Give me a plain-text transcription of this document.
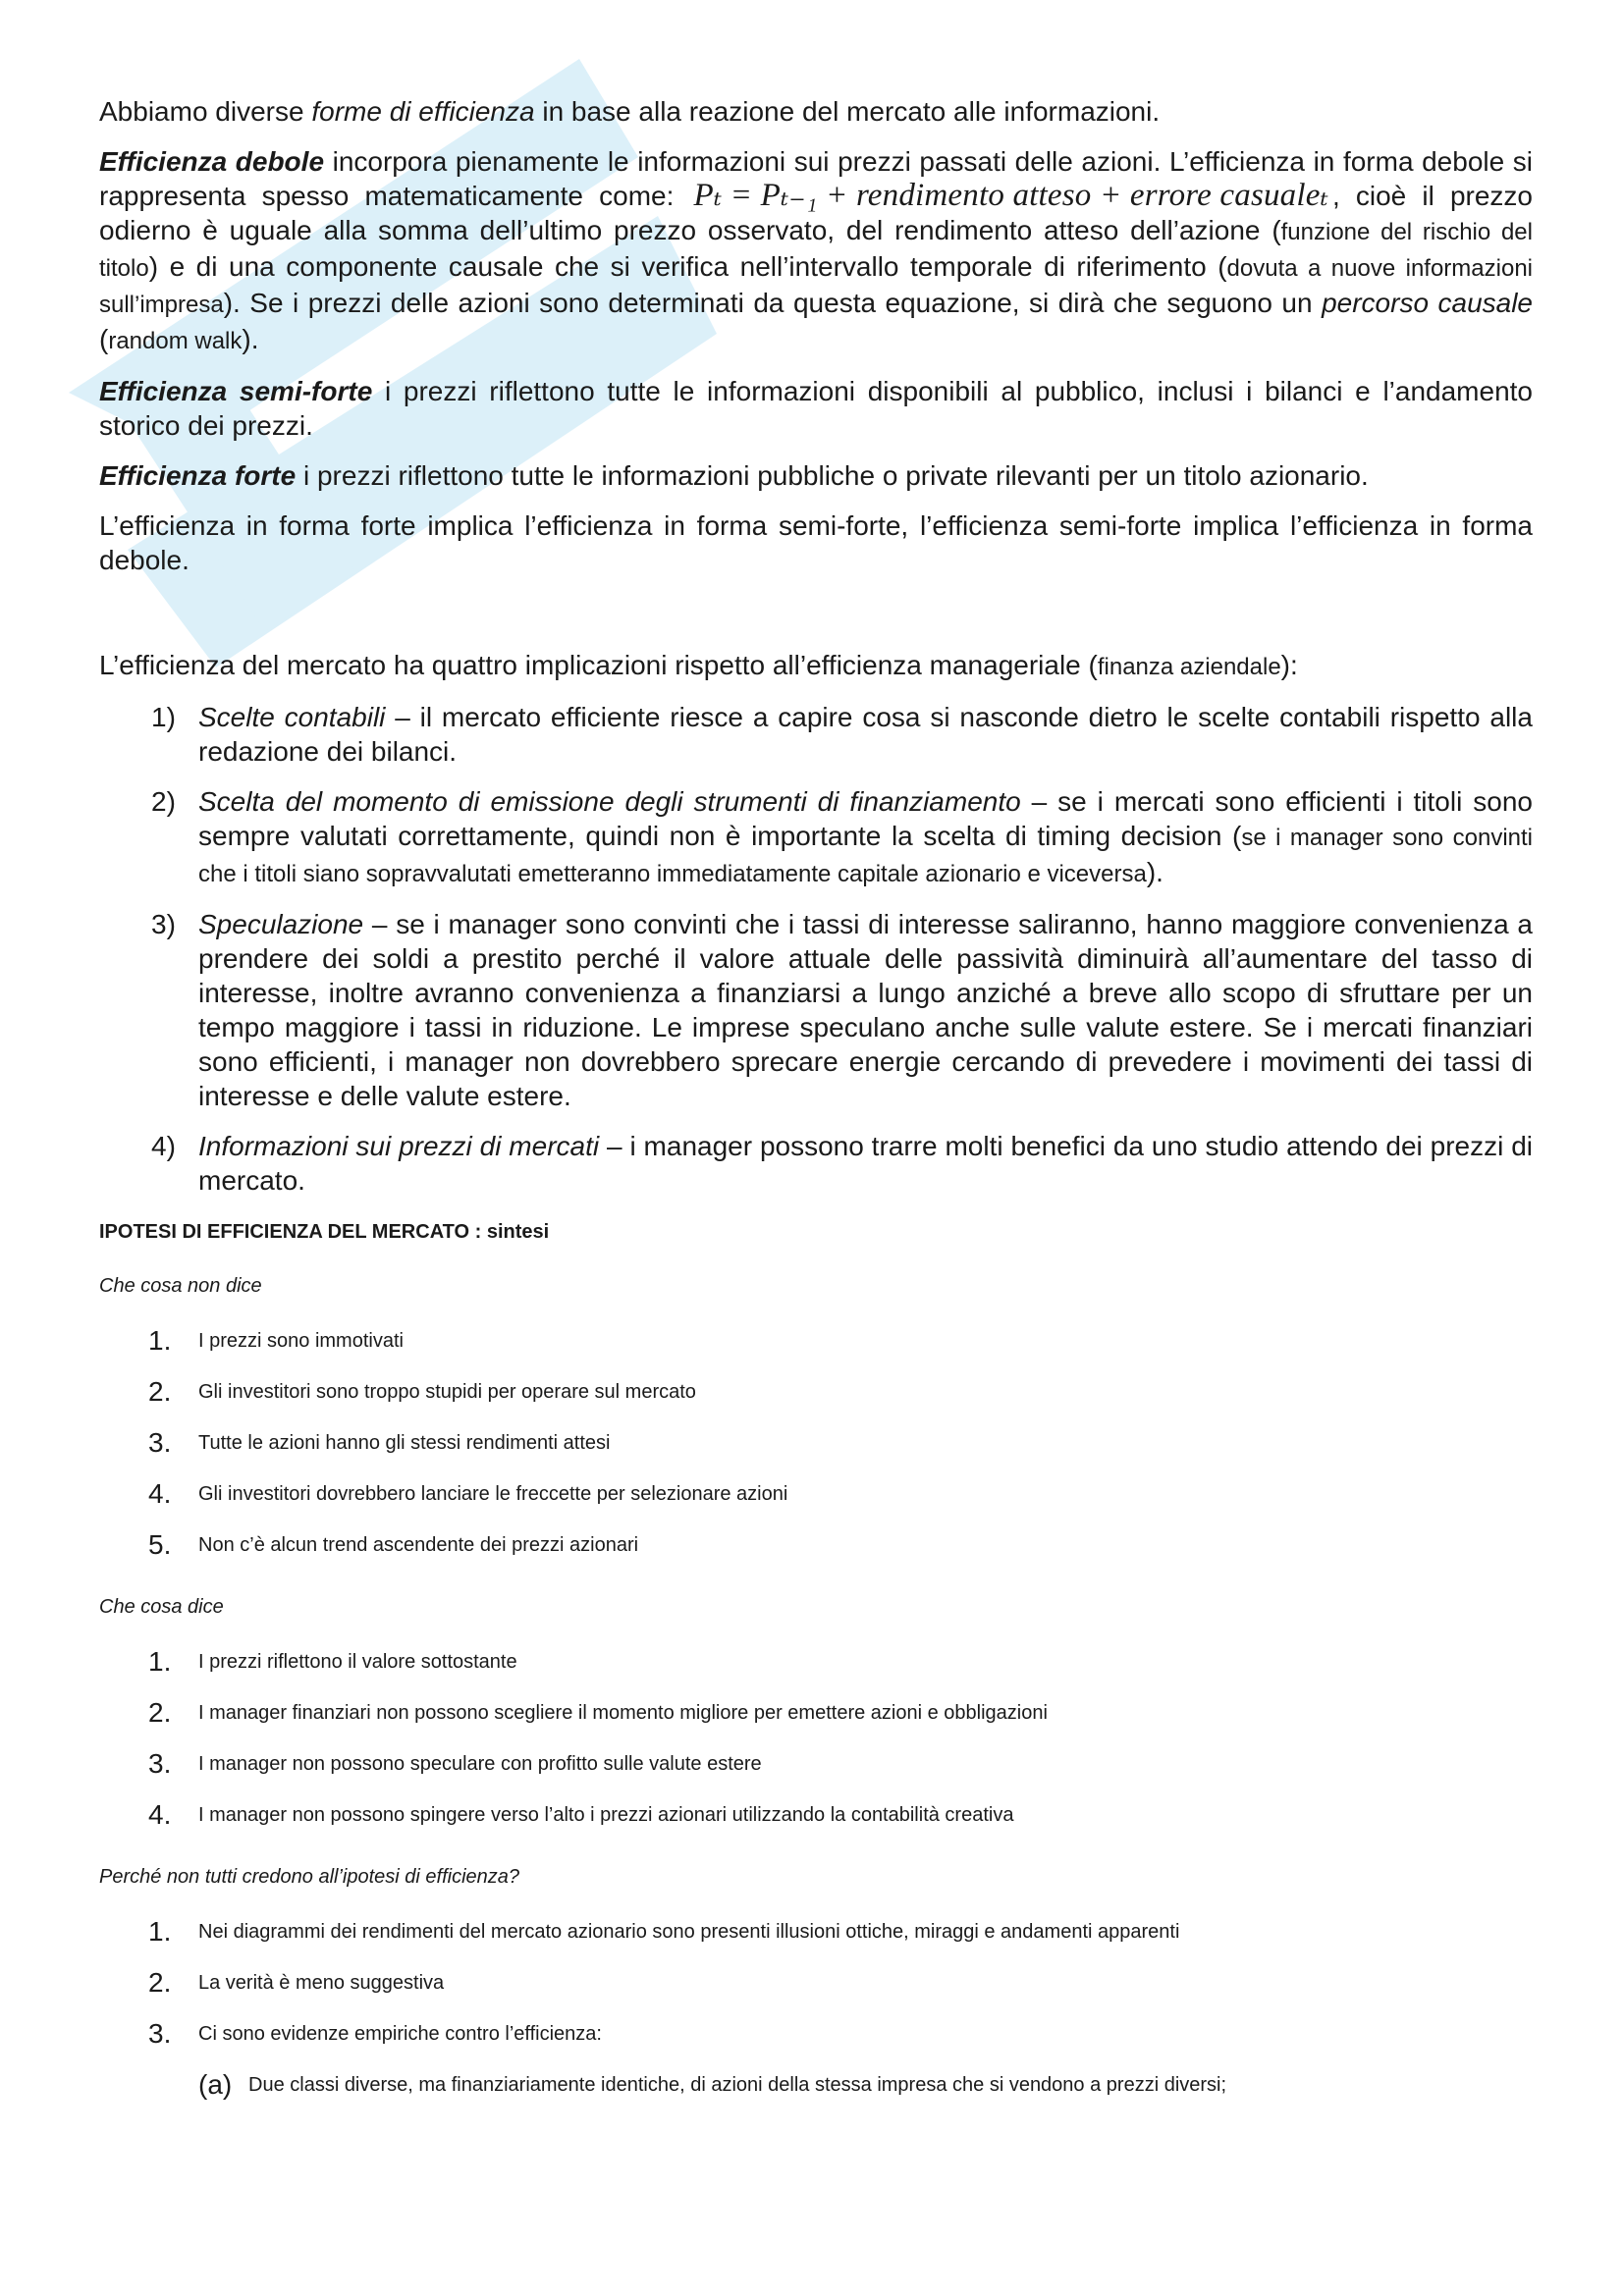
Abbiamo diverse forme di efficienza in base alla reazione del mercato alle informazioni.

Efficienza debole incorpora pienamente le informazioni sui prezzi passati delle azioni. L’efficienza in forma debole si rappresenta spesso matematicamente come: Pₜ = Pₜ₋₁ + rendimento atteso + errore casualeₜ , cioè il prezzo odierno è uguale alla somma dell’ultimo prezzo osservato, del rendimento atteso dell’azione (funzione del rischio del titolo) e di una componente causale che si verifica nell’intervallo temporale di riferimento (dovuta a nuove informazioni sull’impresa). Se i prezzi delle azioni sono determinati da questa equazione, si dirà che seguono un percorso causale (random walk).

Efficienza semi-forte i prezzi riflettono tutte le informazioni disponibili al pubblico, inclusi i bilanci e l’andamento storico dei prezzi.

Efficienza forte i prezzi riflettono tutte le informazioni pubbliche o private rilevanti per un titolo azionario.

L’efficienza in forma forte implica l’efficienza in forma semi-forte, l’efficienza semi-forte implica l’efficienza in forma debole.

L’efficienza del mercato ha quattro implicazioni rispetto all’efficienza manageriale (finanza aziendale):

1) Scelte contabili – il mercato efficiente riesce a capire cosa si nasconde dietro le scelte contabili rispetto alla redazione dei bilanci.
2) Scelta del momento di emissione degli strumenti di finanziamento – se i mercati sono efficienti i titoli sono sempre valutati correttamente, quindi non è importante la scelta di timing decision (se i manager sono convinti che i titoli siano sopravvalutati emetteranno immediatamente capitale azionario e viceversa).
3) Speculazione – se i manager sono convinti che i tassi di interesse saliranno, hanno maggiore convenienza a prendere dei soldi a prestito perché il valore attuale delle passività diminuirà all’aumentare del tasso di interesse, inoltre avranno convenienza a finanziarsi a lungo anziché a breve allo scopo di sfruttare per un tempo maggiore i tassi in riduzione. Le imprese speculano anche sulle valute estere. Se i mercati finanziari sono efficienti, i manager non dovrebbero sprecare energie cercando di prevedere i movimenti dei tassi di interesse e delle valute estere.
4) Informazioni sui prezzi di mercati – i manager possono trarre molti benefici da uno studio attendo dei prezzi di mercato.

IPOTESI DI EFFICIENZA DEL MERCATO : sintesi

Che cosa non dice

1. I prezzi sono immotivati
2. Gli investitori sono troppo stupidi per operare sul mercato
3. Tutte le azioni hanno gli stessi rendimenti attesi
4. Gli investitori dovrebbero lanciare le freccette per selezionare azioni
5. Non c’è alcun trend ascendente dei prezzi azionari

Che cosa dice

1. I prezzi riflettono il valore sottostante
2. I manager finanziari non possono scegliere il momento migliore per emettere azioni e obbligazioni
3. I manager non possono speculare con profitto sulle valute estere
4. I manager non possono spingere verso l’alto i prezzi azionari utilizzando la contabilità creativa

Perché non tutti credono all’ipotesi di efficienza?

1. Nei diagrammi dei rendimenti del mercato azionario sono presenti illusioni ottiche, miraggi e andamenti apparenti
2. La verità è meno suggestiva
3. Ci sono evidenze empiriche contro l’efficienza:
(a) Due classi diverse, ma finanziariamente identiche, di azioni della stessa impresa che si vendono a prezzi diversi;
